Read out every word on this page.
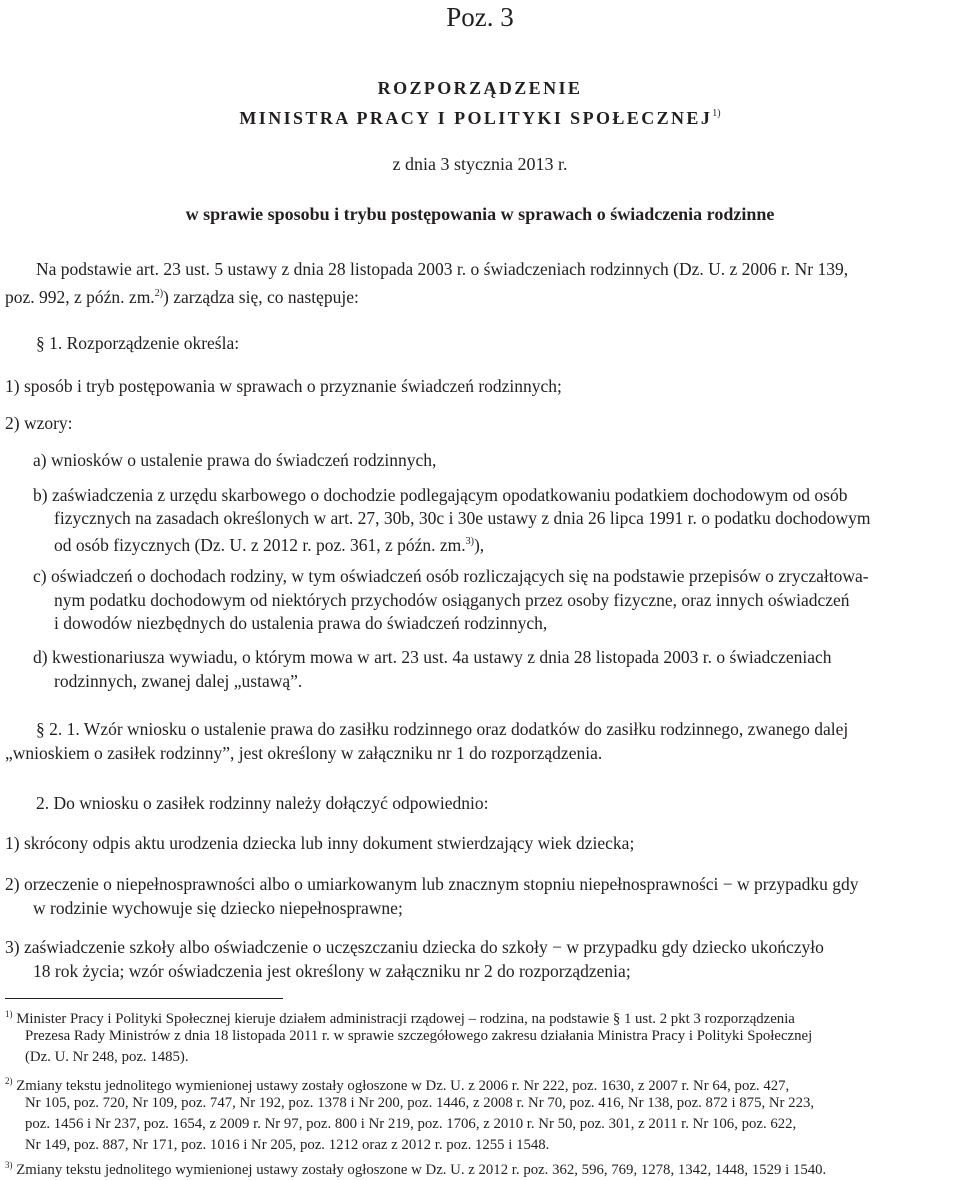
Poz. 3
ROZPORZĄDZENIE
MINISTRA PRACY I POLITYKI SPOŁECZNEJ$^{1)}$
z dnia 3 stycznia 2013 r.
w sprawie sposobu i trybu postępowania w sprawach o świadczenia rodzinne
Na podstawie art. 23 ust. 5 ustawy z dnia 28 listopada 2003 r. o świadczeniach rodzinnych (Dz. U. z 2006 r. Nr 139,
poz. 992, z późn. zm.$^{2)}$) zarządza się, co następuje:
§ 1. Rozporządzenie określa:
1) sposób i tryb postępowania w sprawach o przyznanie świadczeń rodzinnych;
2) wzory:
a) wniosków o ustalenie prawa do świadczeń rodzinnych,
b) zaświadczenia z urzędu skarbowego o dochodzie podlegającym opodatkowaniu podatkiem dochodowym od osób
fizycznych na zasadach określonych w art. 27, 30b, 30c i 30e ustawy z dnia 26 lipca 1991 r. o podatku dochodowym
od osób fizycznych (Dz. U. z 2012 r. poz. 361, z późn. zm.$^{3)}$),
c) oświadczeń o dochodach rodziny, w tym oświadczeń osób rozliczających się na podstawie przepisów o zryczałtowa-
nym podatku dochodowym od niektórych przychodów osiąganych przez osoby fizyczne, oraz innych oświadczeń
i dowodów niezbędnych do ustalenia prawa do świadczeń rodzinnych,
d) kwestionariusza wywiadu, o którym mowa w art. 23 ust. 4a ustawy z dnia 28 listopada 2003 r. o świadczeniach
rodzinnych, zwanej dalej „ustawą”.
§ 2. 1. Wzór wniosku o ustalenie prawa do zasiłku rodzinnego oraz dodatków do zasiłku rodzinnego, zwanego dalej
„wnioskiem o zasiłek rodzinny”, jest określony w załączniku nr 1 do rozporządzenia.
2. Do wniosku o zasiłek rodzinny należy dołączyć odpowiednio:
1) skrócony odpis aktu urodzenia dziecka lub inny dokument stwierdzający wiek dziecka;
2) orzeczenie o niepełnosprawności albo o umiarkowanym lub znacznym stopniu niepełnosprawności − w przypadku gdy
w rodzinie wychowuje się dziecko niepełnosprawne;
3) zaświadczenie szkoły albo oświadczenie o uczęszczaniu dziecka do szkoły − w przypadku gdy dziecko ukończyło
18 rok życia; wzór oświadczenia jest określony w załączniku nr 2 do rozporządzenia;
$^{1)}$ Minister Pracy i Polityki Społecznej kieruje działem administracji rządowej – rodzina, na podstawie § 1 ust. 2 pkt 3 rozporządzenia
Prezesa Rady Ministrów z dnia 18 listopada 2011 r. w sprawie szczegółowego zakresu działania Ministra Pracy i Polityki Społecznej
(Dz. U. Nr 248, poz. 1485).
$^{2)}$ Zmiany tekstu jednolitego wymienionej ustawy zostały ogłoszone w Dz. U. z 2006 r. Nr 222, poz. 1630, z 2007 r. Nr 64, poz. 427,
Nr 105, poz. 720, Nr 109, poz. 747, Nr 192, poz. 1378 i Nr 200, poz. 1446, z 2008 r. Nr 70, poz. 416, Nr 138, poz. 872 i 875, Nr 223,
poz. 1456 i Nr 237, poz. 1654, z 2009 r. Nr 97, poz. 800 i Nr 219, poz. 1706, z 2010 r. Nr 50, poz. 301, z 2011 r. Nr 106, poz. 622,
Nr 149, poz. 887, Nr 171, poz. 1016 i Nr 205, poz. 1212 oraz z 2012 r. poz. 1255 i 1548.
$^{3)}$ Zmiany tekstu jednolitego wymienionej ustawy zostały ogłoszone w Dz. U. z 2012 r. poz. 362, 596, 769, 1278, 1342, 1448, 1529 i 1540.
